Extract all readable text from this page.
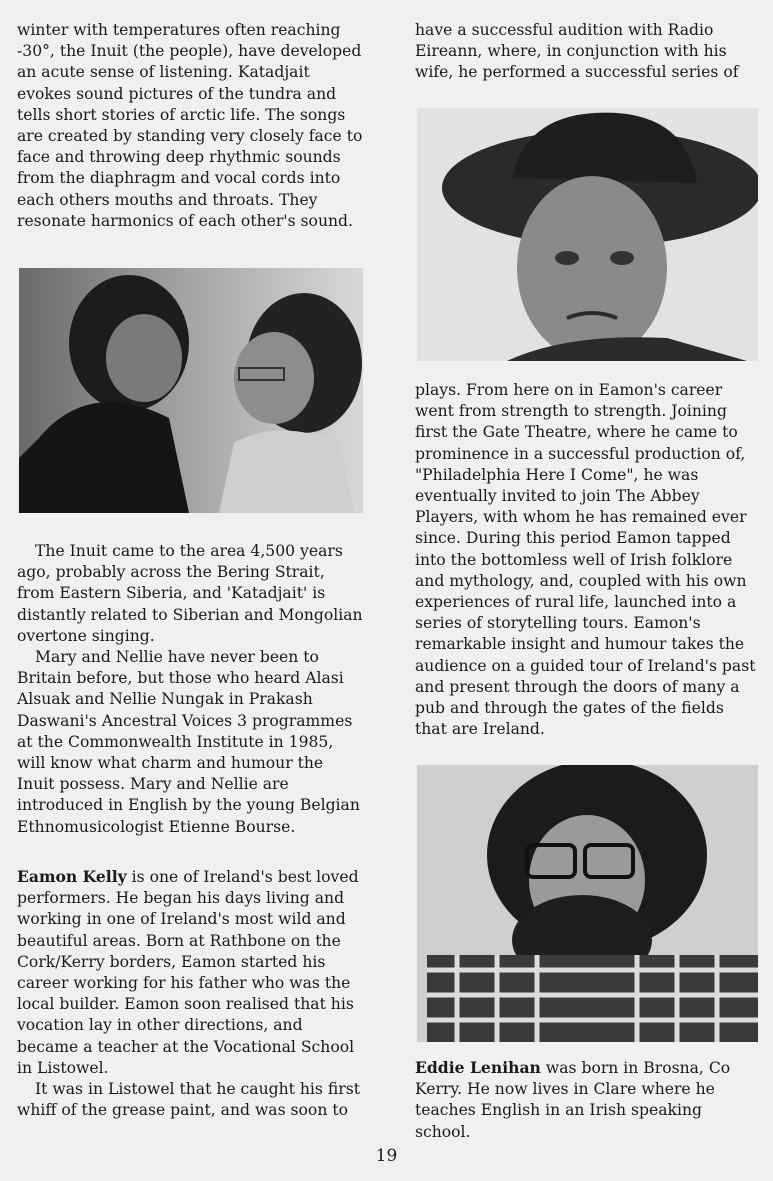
winter with temperatures often reaching -30°, the Inuit (the people), have developed an acute sense of listening. Katadjait evokes sound pictures of the tundra and tells short stories of arctic life. The songs are created by standing very closely face to face and throwing deep rhythmic sounds from the diaphragm and vocal cords into each others mouths and throats. They resonate harmonics of each other's sound.

The Inuit came to the area 4,500 years ago, probably across the Bering Strait, from Eastern Siberia, and 'Katadjait' is distantly related to Siberian and Mongolian overtone singing.

Mary and Nellie have never been to Britain before, but those who heard Alasi Alsuak and Nellie Nungak in Prakash Daswani's Ancestral Voices 3 programmes at the Commonwealth Institute in 1985, will know what charm and humour the Inuit possess. Mary and Nellie are introduced in English by the young Belgian Ethnomusicologist Etienne Bourse.

Eamon Kelly is one of Ireland's best loved performers. He began his days living and working in one of Ireland's most wild and beautiful areas. Born at Rathbone on the Cork/Kerry borders, Eamon started his career working for his father who was the local builder. Eamon soon realised that his vocation lay in other directions, and became a teacher at the Vocational School in Listowel.

It was in Listowel that he caught his first whiff of the grease paint, and was soon to

have a successful audition with Radio Eireann, where, in conjunction with his wife, he performed a successful series of

plays. From here on in Eamon's career went from strength to strength. Joining first the Gate Theatre, where he came to prominence in a successful production of, "Philadelphia Here I Come", he was eventually invited to join The Abbey Players, with whom he has remained ever since. During this period Eamon tapped into the bottomless well of Irish folklore and mythology, and, coupled with his own experiences of rural life, launched into a series of storytelling tours. Eamon's remarkable insight and humour takes the audience on a guided tour of Ireland's past and present through the doors of many a pub and through the gates of the fields that are Ireland.

Eddie Lenihan was born in Brosna, Co Kerry. He now lives in Clare where he teaches English in an Irish speaking school.

19
